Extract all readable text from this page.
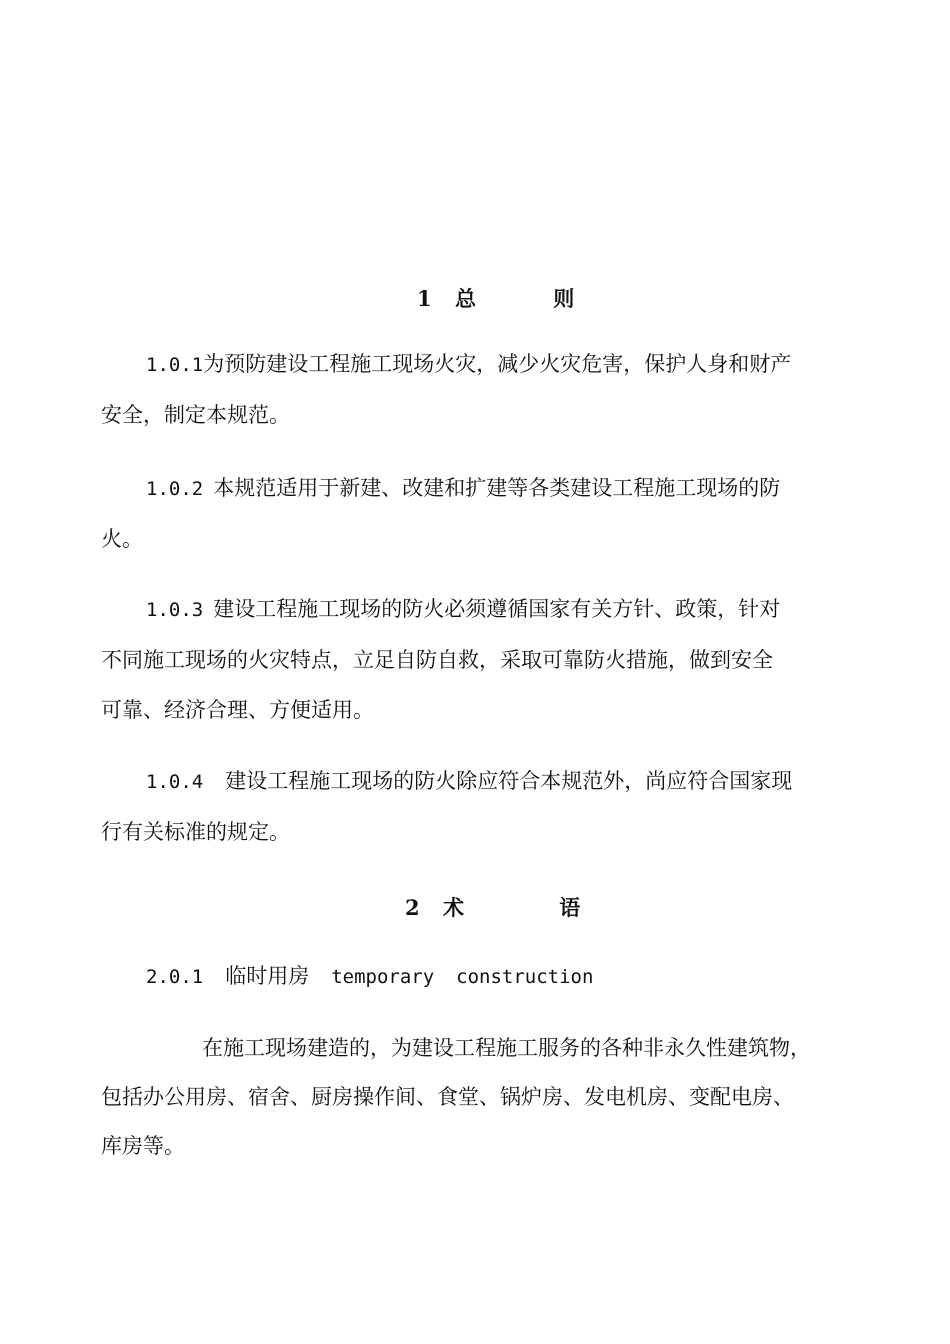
1 总	则
1.0.1为预防建设工程施工现场火灾，减少火灾危害，保护人身和财产
安全，制定本规范。
1.0.2 本规范适用于新建、改建和扩建等各类建设工程施工现场的防
火。
1.0.3 建设工程施工现场的防火必须遵循国家有关方针、政策，针对
不同施工现场的火灾特点，立足自防自救，采取可靠防火措施，做到安全
可靠、经济合理、方便适用。
1.0.4 建设工程施工现场的防火除应符合本规范外，尚应符合国家现
行有关标准的规定。
2 术	语
2.0.1 临时用房 temporary construction
在施工现场建造的，为建设工程施工服务的各种非永久性建筑物，
包括办公用房、宿舍、厨房操作间、食堂、锅炉房、发电机房、变配电房、
库房等。
